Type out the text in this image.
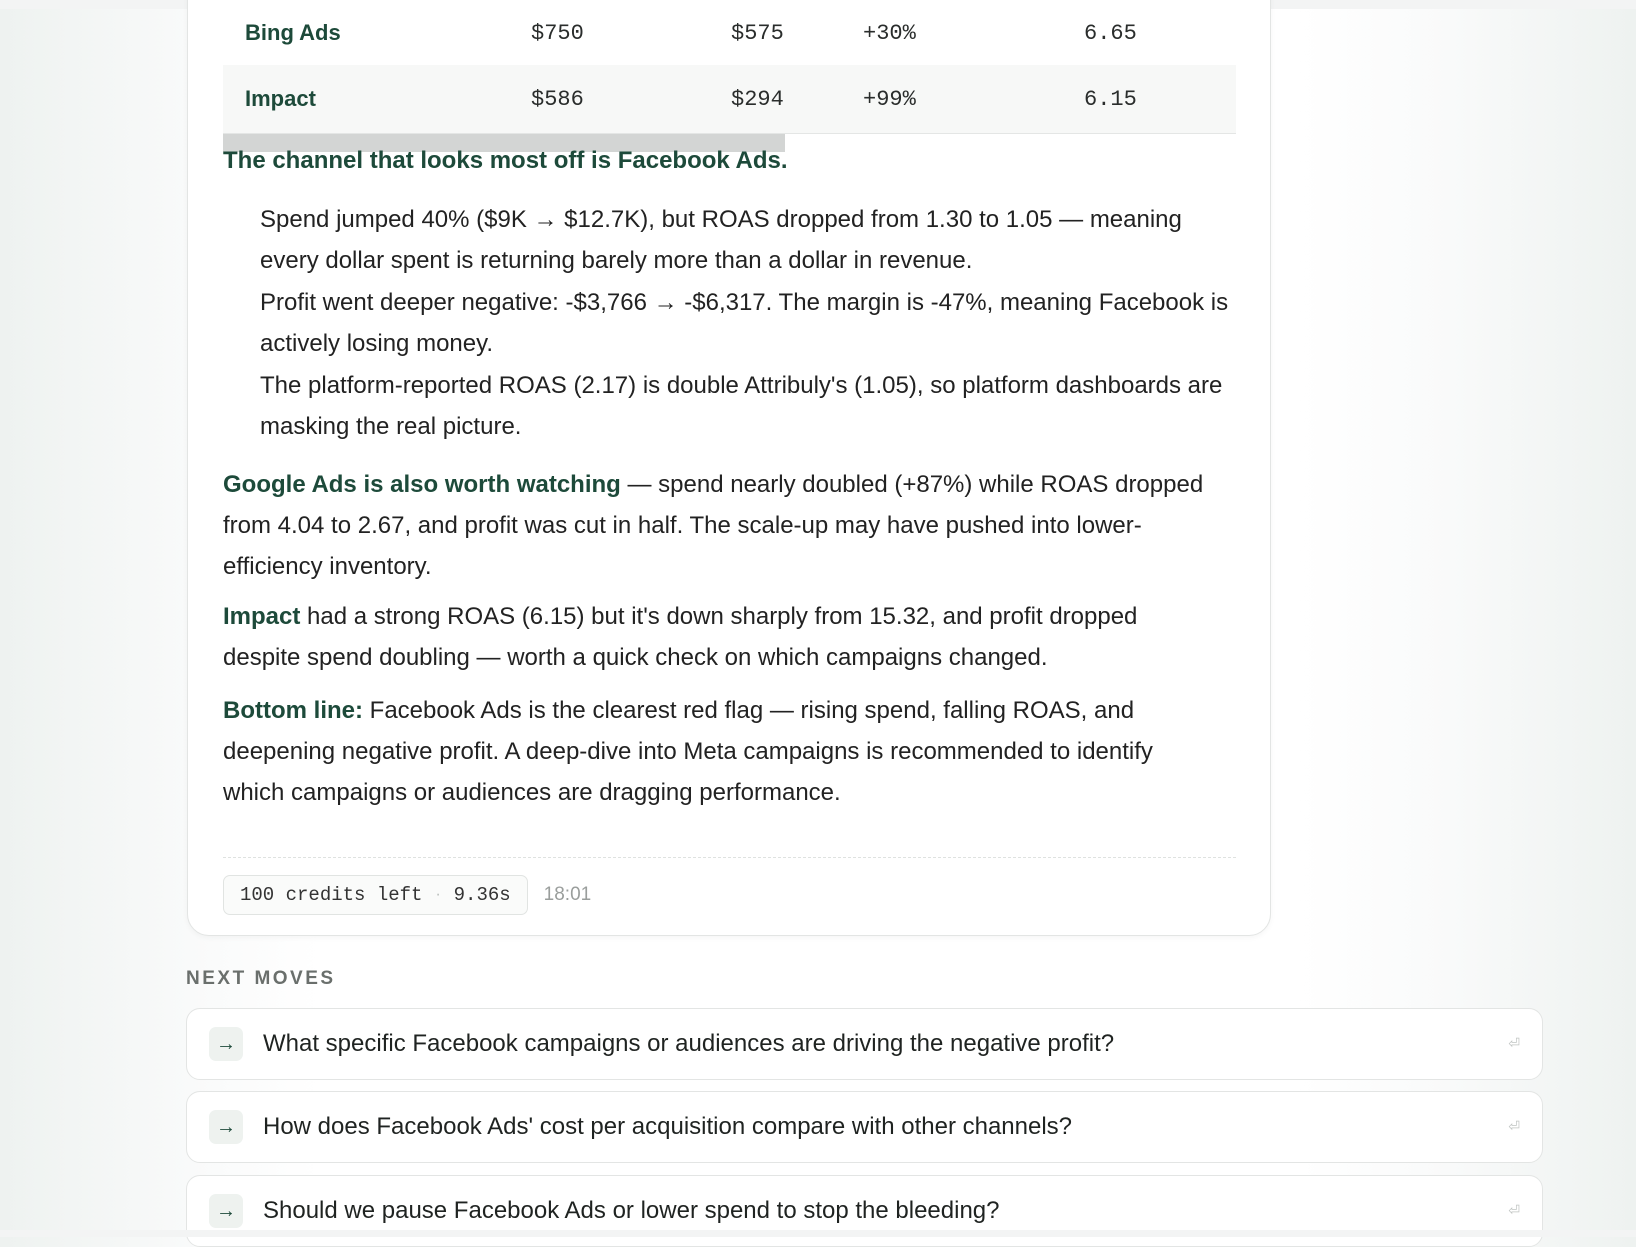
Bing Ads	$750	$575	+30%	6.65
Impact	$586	$294	+99%	6.15
The channel that looks most off is Facebook Ads.
Spend jumped 40% ($9K → $12.7K), but ROAS dropped from 1.30 to 1.05 — meaning every dollar spent is returning barely more than a dollar in revenue.
Profit went deeper negative: -$3,766 → -$6,317. The margin is -47%, meaning Facebook is actively losing money.
The platform-reported ROAS (2.17) is double Attribuly's (1.05), so platform dashboards are masking the real picture.
Google Ads is also worth watching — spend nearly doubled (+87%) while ROAS dropped from 4.04 to 2.67, and profit was cut in half. The scale-up may have pushed into lower-efficiency inventory.
Impact had a strong ROAS (6.15) but it's down sharply from 15.32, and profit dropped despite spend doubling — worth a quick check on which campaigns changed.
Bottom line: Facebook Ads is the clearest red flag — rising spend, falling ROAS, and deepening negative profit. A deep-dive into Meta campaigns is recommended to identify which campaigns or audiences are dragging performance.
100 credits left · 9.36s 18:01
NEXT MOVES
→ What specific Facebook campaigns or audiences are driving the negative profit?	⏎
→ How does Facebook Ads' cost per acquisition compare with other channels?	⏎
→ Should we pause Facebook Ads or lower spend to stop the bleeding?	⏎
